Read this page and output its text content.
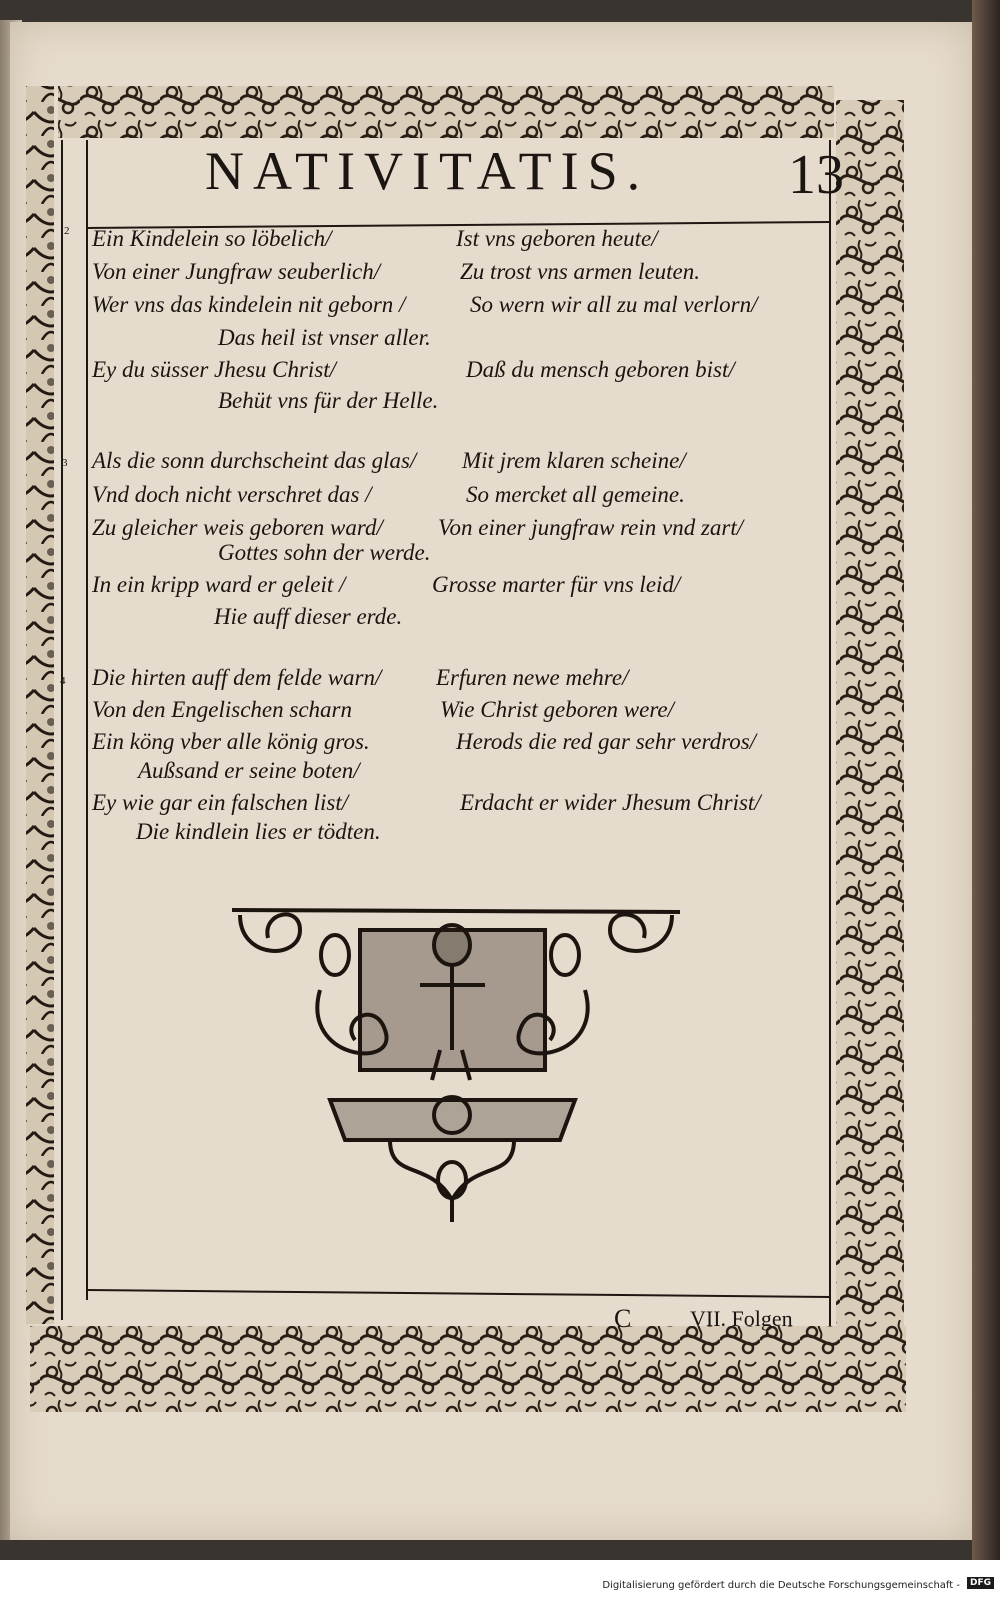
NATIVITATIS. 13
2 Ein Kindelein so löbelich/	Ist vns geboren heute/
Von einer Jungfraw seuberlich/	Zu trost vns armen leuten.
Wer vns das kindelein nit geborn /	So wern wir all zu mal verlorn/
Das heil ist vnser aller.
Ey du süsser Jhesu Christ/	Daß du mensch geboren bist/
Behüt vns für der Helle.
3 Als die sonn durchscheint das glas/ Mit jrem klaren scheine/
Vnd doch nicht verschret das /	So mercket all gemeine.
Zu gleicher weis geboren ward/ Von einer jungfraw rein vnd zart/
Gottes sohn der werde.
In ein kripp ward er geleit /	Grosse marter für vns leid/
Hie auff dieser erde.
4 Die hirten auff dem felde warn/ Erfuren newe mehre/
Von den Engelischen scharn	Wie Christ geboren were/
Ein köng vber alle könig gros.	Herods die red gar sehr verdros/
Außsand er seine boten/
Ey wie gar ein falschen list/	Erdacht er wider Jhesum Christ/
Die kindlein lies er tödten.
C	VII. Folgen
Digitalisierung gefördert durch die Deutsche Forschungsgemeinschaft -	DFG
